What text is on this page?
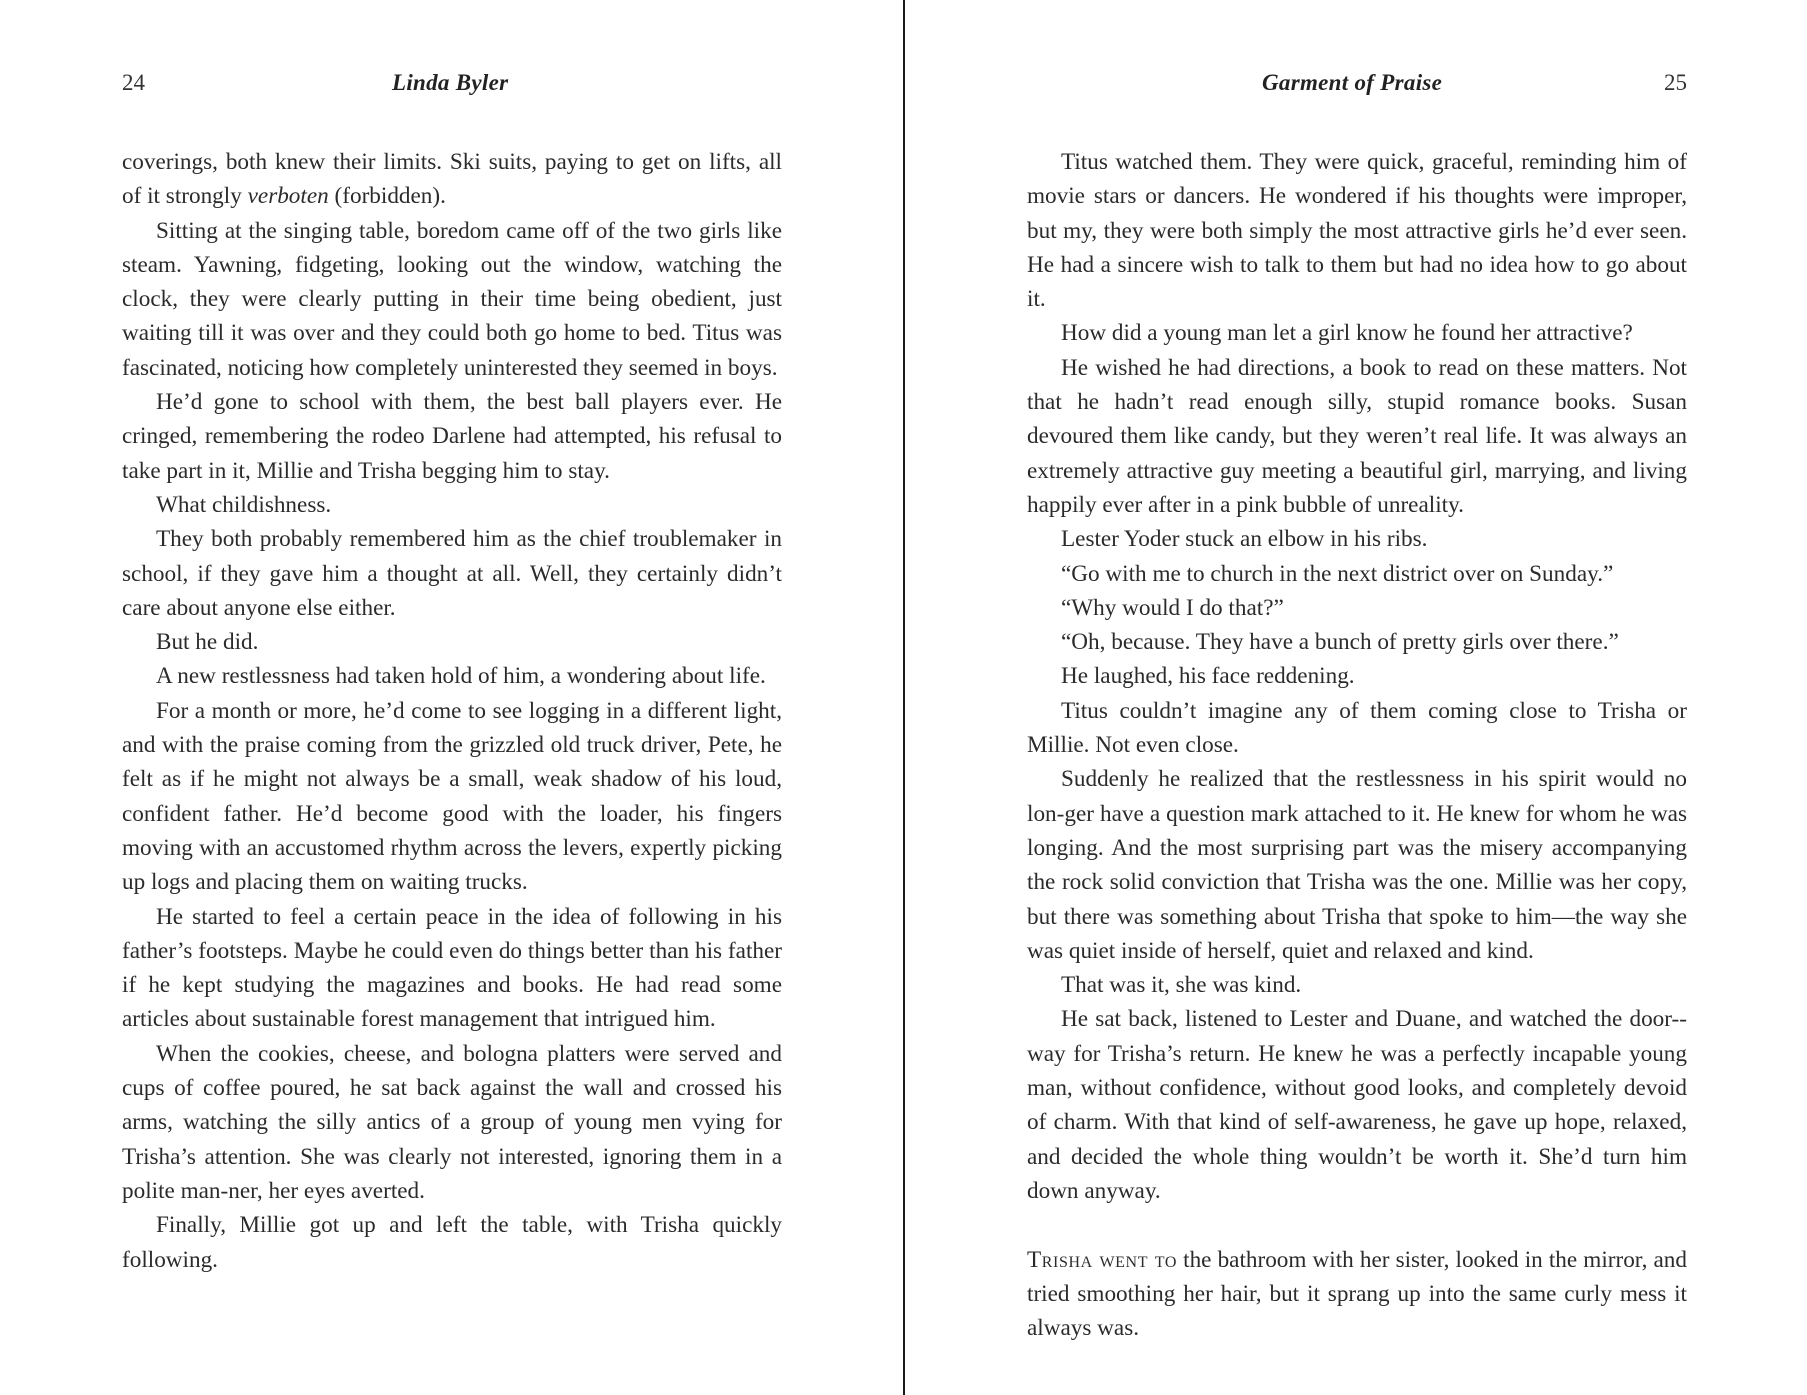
24	Linda Byler

coverings, both knew their limits. Ski suits, paying to get on lifts, all of it strongly verboten (forbidden).

Sitting at the singing table, boredom came off of the two girls like steam. Yawning, fidgeting, looking out the window, watching the clock, they were clearly putting in their time being obedient, just waiting till it was over and they could both go home to bed. Titus was fascinated, noticing how completely uninterested they seemed in boys.

He’d gone to school with them, the best ball players ever. He cringed, remembering the rodeo Darlene had attempted, his refusal to take part in it, Millie and Trisha begging him to stay.

What childishness.

They both probably remembered him as the chief troublemaker in school, if they gave him a thought at all. Well, they certainly didn’t care about anyone else either.

But he did.

A new restlessness had taken hold of him, a wondering about life.

For a month or more, he’d come to see logging in a different light, and with the praise coming from the grizzled old truck driver, Pete, he felt as if he might not always be a small, weak shadow of his loud, confident father. He’d become good with the loader, his fingers moving with an accustomed rhythm across the levers, expertly picking up logs and placing them on waiting trucks.

He started to feel a certain peace in the idea of following in his father’s footsteps. Maybe he could even do things better than his father if he kept studying the magazines and books. He had read some articles about sustainable forest management that intrigued him.

When the cookies, cheese, and bologna platters were served and cups of coffee poured, he sat back against the wall and crossed his arms, watching the silly antics of a group of young men vying for Trisha’s attention. She was clearly not interested, ignoring them in a polite man-ner, her eyes averted.

Finally, Millie got up and left the table, with Trisha quickly following.

Garment of Praise	25

Titus watched them. They were quick, graceful, reminding him of movie stars or dancers. He wondered if his thoughts were improper, but my, they were both simply the most attractive girls he’d ever seen. He had a sincere wish to talk to them but had no idea how to go about it.

How did a young man let a girl know he found her attractive?

He wished he had directions, a book to read on these matters. Not that he hadn’t read enough silly, stupid romance books. Susan devoured them like candy, but they weren’t real life. It was always an extremely attractive guy meeting a beautiful girl, marrying, and living happily ever after in a pink bubble of unreality.

Lester Yoder stuck an elbow in his ribs.

“Go with me to church in the next district over on Sunday.”

“Why would I do that?”

“Oh, because. They have a bunch of pretty girls over there.”

He laughed, his face reddening.

Titus couldn’t imagine any of them coming close to Trisha or Millie. Not even close.

Suddenly he realized that the restlessness in his spirit would no lon-ger have a question mark attached to it. He knew for whom he was longing. And the most surprising part was the misery accompanying the rock solid conviction that Trisha was the one. Millie was her copy, but there was something about Trisha that spoke to him—the way she was quiet inside of herself, quiet and relaxed and kind.

That was it, she was kind.

He sat back, listened to Lester and Duane, and watched the door-way for Trisha’s return. He knew he was a perfectly incapable young man, without confidence, without good looks, and completely devoid of charm. With that kind of self-awareness, he gave up hope, relaxed, and decided the whole thing wouldn’t be worth it. She’d turn him down anyway.

Trisha went to the bathroom with her sister, looked in the mirror, and tried smoothing her hair, but it sprang up into the same curly mess it always was.
